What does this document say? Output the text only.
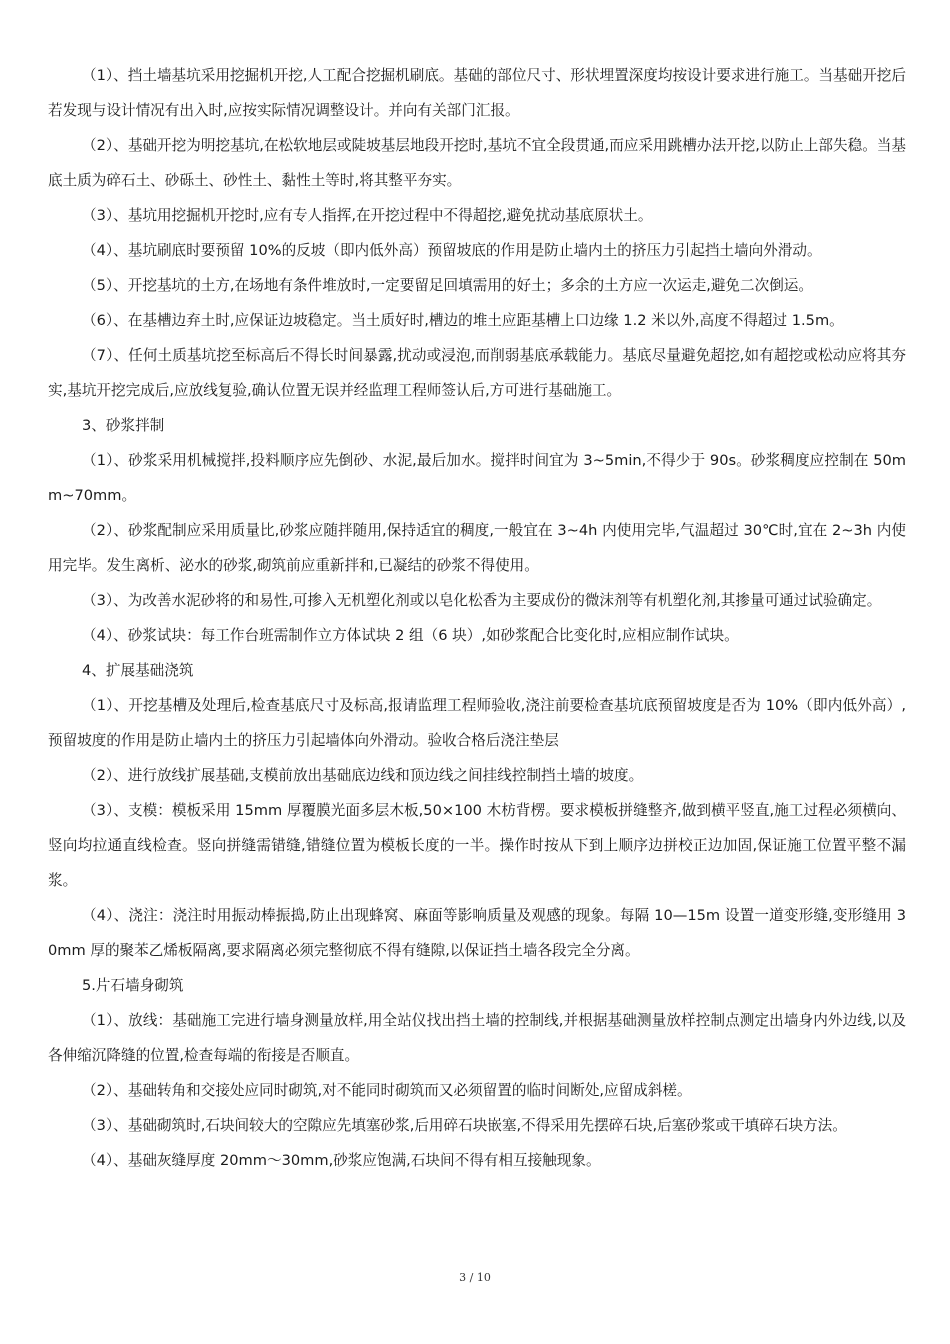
（1）、挡土墙基坑采用挖掘机开挖,人工配合挖掘机刷底。基础的部位尺寸、形状埋置深度均按设计要求进行施工。当基础开挖后若发现与设计情况有出入时,应按实际情况调整设计。并向有关部门汇报。

（2）、基础开挖为明挖基坑,在松软地层或陡坡基层地段开挖时,基坑不宜全段贯通,而应采用跳槽办法开挖,以防止上部失稳。当基底土质为碎石土、砂砾土、砂性土、黏性土等时,将其整平夯实。

（3）、基坑用挖掘机开挖时,应有专人指挥,在开挖过程中不得超挖,避免扰动基底原状土。

（4）、基坑刷底时要预留 10%的反坡（即内低外高）预留坡底的作用是防止墙内土的挤压力引起挡土墙向外滑动。

（5）、开挖基坑的土方,在场地有条件堆放时,一定要留足回填需用的好土；多余的土方应一次运走,避免二次倒运。

（6）、在基槽边弃土时,应保证边坡稳定。当土质好时,槽边的堆土应距基槽上口边缘 1.2 米以外,高度不得超过 1.5m。

（7）、任何土质基坑挖至标高后不得长时间暴露,扰动或浸泡,而削弱基底承载能力。基底尽量避免超挖,如有超挖或松动应将其夯实,基坑开挖完成后,应放线复验,确认位置无误并经监理工程师签认后,方可进行基础施工。

3、砂浆拌制

（1）、砂浆采用机械搅拌,投料顺序应先倒砂、水泥,最后加水。搅拌时间宜为 3~5min,不得少于 90s。砂浆稠度应控制在 50mm~70mm。

（2）、砂浆配制应采用质量比,砂浆应随拌随用,保持适宜的稠度,一般宜在 3~4h 内使用完毕,气温超过 30℃时,宜在 2~3h 内使用完毕。发生离析、泌水的砂浆,砌筑前应重新拌和,已凝结的砂浆不得使用。

（3）、为改善水泥砂将的和易性,可掺入无机塑化剂或以皂化松香为主要成份的微沫剂等有机塑化剂,其掺量可通过试验确定。

（4）、砂浆试块：每工作台班需制作立方体试块 2 组（6 块）,如砂浆配合比变化时,应相应制作试块。

4、扩展基础浇筑

（1）、开挖基槽及处理后,检查基底尺寸及标高,报请监理工程师验收,浇注前要检查基坑底预留坡度是否为 10%（即内低外高）,预留坡度的作用是防止墙内土的挤压力引起墙体向外滑动。验收合格后浇注垫层

（2）、进行放线扩展基础,支模前放出基础底边线和顶边线之间挂线控制挡土墙的坡度。

（3）、支模：模板采用 15mm 厚覆膜光面多层木板,50×100 木枋背楞。要求模板拼缝整齐,做到横平竖直,施工过程必须横向、竖向均拉通直线检查。竖向拼缝需错缝,错缝位置为模板长度的一半。操作时按从下到上顺序边拼校正边加固,保证施工位置平整不漏浆。

（4）、浇注：浇注时用振动棒振捣,防止出现蜂窝、麻面等影响质量及观感的现象。每隔 10—15m 设置一道变形缝,变形缝用 30mm 厚的聚苯乙烯板隔离,要求隔离必须完整彻底不得有缝隙,以保证挡土墙各段完全分离。

5.片石墙身砌筑

（1）、放线：基础施工完进行墙身测量放样,用全站仪找出挡土墙的控制线,并根据基础测量放样控制点测定出墙身内外边线,以及各伸缩沉降缝的位置,检查每端的衔接是否顺直。

（2）、基础转角和交接处应同时砌筑,对不能同时砌筑而又必须留置的临时间断处,应留成斜槎。

（3）、基础砌筑时,石块间较大的空隙应先填塞砂浆,后用碎石块嵌塞,不得采用先摆碎石块,后塞砂浆或干填碎石块方法。

（4）、基础灰缝厚度 20mm～30mm,砂浆应饱满,石块间不得有相互接触现象。

3 / 10
